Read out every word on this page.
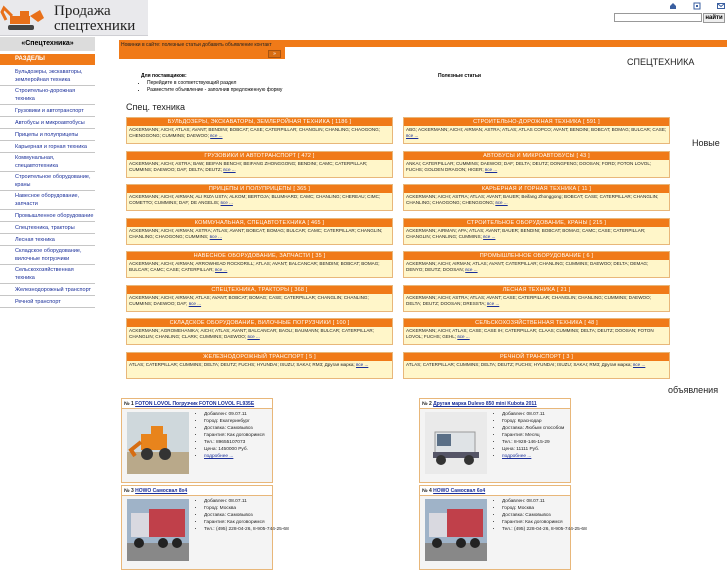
Продажа
спецтехники	найти
«Спецтехника»
РАЗДЕЛЫ
Бульдозеры, экскаваторы, землеройная техника
Строительно-дорожная техника
Грузовики и автотранспорт
Автобусы и микроавтобусы
Прицепы и полуприцепы
Карьерная и горная техника
Коммунальная, спецавтотехника
Строительное оборудование, краны
Навесное оборудование, запчасти
Промышленное оборудование
Спецтехника, тракторы
Лесная техника
Складское оборудование, вилочные погрузчики
Сельскохозяйственная техника
Железнодорожный транспорт
Речной транспорт
Новинки в сайте: полезные статьи добавить объявление контакт
»
СПЕЦТЕХНИКА
Для поставщиков:
• Перейдите в соответствующий раздел
• Разместите объявление - заполнив предложенную форму
Полезные статьи
Спец. техника
Новые
объявления
БУЛЬДОЗЕРЫ, ЭКСКАВАТОРЫ, ЗЕМЛЕРОЙНАЯ ТЕХНИКА [ 1186 ]
ACKERMANN; AICHI; ATLAS; AVANT; BENDINI; BOBCAT; CASE; CATERPILLAR; CHANGLIN; CHANLING; CHAOGONG; CHENGGONG; CUMMINS; DAEWOO; все ...
СТРОИТЕЛЬНО-ДОРОЖНАЯ ТЕХНИКА [ 591 ]
ABG; ACKERMANN; AICHI; AIRMAN; ASTRA; ATLAS; ATLAS COPCO; AVANT; BENDINI; BOBCAT; BOMAG; BULCAR; CASE; все ...
ГРУЗОВИКИ И АВТОТРАНСПОРТ [ 472 ]
ACKERMANN; AICHI; ASTRA; BAW; BEIFAN BENCHI; BEIFANG ZHONGGONG; BENDINI; CAMC; CATERPILLAR; CUMMINS; DAEWOO; DAF; DELTA; DEUTZ; все ...
АВТОБУСЫ И МИКРОАВТОБУСЫ [ 43 ]
ANKAI; CATERPILLAR; CUMMINS; DAEWOO; DAF; DELTA; DEUTZ; DONGFENG; DOOSAN; FORD; FOTON LOVOL; FUCHS; GOLDEN DRAGON; HIGER; все ...
ПРИЦЕПЫ И ПОЛУПРИЦЕПЫ [ 365 ]
ACKERMANN; AICHI; AIRMAN; ALI RIZA USTA; ALKOM; BERTOJA; BLUMHARD; CAMC; CHANLING; CHEREAU; CIMC; COMETTO; CUMMINS; DAF; DE ANGELIS; все ...
КАРЬЕРНАЯ И ГОРНАЯ ТЕХНИКА [ 11 ]
ACKERMANN; AICHI; ASTRA; ATLAS; AVANT; BAUER; Beifang Zhonggong; BOBCAT; CASE; CATERPILLAR; CHANGLIN; CHANLING; CHAOGONG; CHENGGONG; все ...
КОММУНАЛЬНАЯ, СПЕЦАВТОТЕХНИКА [ 465 ]
ACKERMANN; AICHI; AIRMAN; ASTRA; ATLAS; AVANT; BOBCAT; BOMAG; BULCAR; CAMC; CATERPILLAR; CHANGLIN; CHANLING; CHAOGONG; CUMMINS; все ...
СТРОИТЕЛЬНОЕ ОБОРУДОВАНИЕ, КРАНЫ [ 215 ]
ACKERMANN; AIRMAN; APA; ATLAS; AVANT; BAUER; BENDINI; BOBCAT; BOMAG; CAMC; CASE; CATERPILLAR; CHANGLIN; CHANLING; CUMMINS; все ...
НАВЕСНОЕ ОБОРУДОВАНИЕ, ЗАПЧАСТИ [ 35 ]
ACKERMANN; AICHI; AIRMAN; ARROWHEAD ROCKDRILL; ATLAS; AVANT; BALCANCAR; BENDINI; BOBCAT; BOMAG; BULCAR; CAMC; CASE; CATERPILLAR; все ...
ПРОМЫШЛЕННОЕ ОБОРУДОВАНИЕ [ 6 ]
ACKERMANN; AICHI; AIRMAN; ATLAS; AVANT; CATERPILLAR; CHANLING; CUMMINS; DAEWOO; DELTA; DEMAG; DENYO; DEUTZ; DOOSAN; все ...
СПЕЦТЕХНИКА, ТРАКТОРЫ [ 368 ]
ACKERMANN; AICHI; AIRMAN; ATLAS; AVANT; BOBCAT; BOMAG; CASE; CATERPILLAR; CHANGLIN; CHANLING; CUMMINS; DAEWOO; DAF; все ...
ЛЕСНАЯ ТЕХНИКА [ 21 ]
ACKERMANN; AICHI; ASTRA; ATLAS; AVANT; CASE; CATERPILLAR; CHANGLIN; CHANLING; CUMMINS; DAEWOO; DELTA; DEUTZ; DOOSAN; DRESSTA; все ...
СКЛАДСКОЕ ОБОРУДОВАНИЕ, ВИЛОЧНЫЕ ПОГРУЗЧИКИ [ 100 ]
ACKERMANN; AGROMEHANIKA; AICHI; ATLAS; AVANT; BALCANCAR; BAOLI; BAUMANN; BULCAR; CATERPILLAR; CHANGLIN; CHANLING; CLARK; CUMMINS; DAEWOO; все ...
СЕЛЬСКОХОЗЯЙСТВЕННАЯ ТЕХНИКА [ 48 ]
ACKERMANN; AICHI; ATLAS; CASE; CASE IH; CATERPILLAR; CLAAS; CUMMINS; DELTA; DEUTZ; DOOSAN; FOTON LOVOL; FUCHS; GEHL; все ...
ЖЕЛЕЗНОДОРОЖНЫЙ ТРАНСПОРТ [ 5 ]
ATLAS; CATERPILLAR; CUMMINS; DELTA; DEUTZ; FUCHS; HYUNDAI; ISUZU; SAKAI; RM3; Другая марка; все ...
РЕЧНОЙ ТРАНСПОРТ [ 3 ]
ATLAS; CATERPILLAR; CUMMINS; DELTA; DEUTZ; FUCHS; HYUNDAI; ISUZU; SAKAI; RM3; Другая марка; все ...
№ 1 FOTON LOVOL Погрузчик FOTON LOVOL FL935E
• Добавлен: 09.07.11
• Город: Екатеринбург
• Доставка: Самовывоз
• Гарантия: Как договоримся
• Тел.: 89655107073
• Цена: 1450000 Руб.
• подробнее ...
№ 2 Другая марка Dulevo 850 mini Kubota 2011
• Добавлен: 08.07.11
• Город: Краснодар
• Доставка: Любым способом
• Гарантия: Месяц
• Тел.: 8-928-146-15-29
• Цена: 11111 Руб.
• подробнее ...
№ 3 HOWO Самосвал 8x4
• Добавлен: 08.07.11
• Город: Москва
• Доставка: Самовывоз
• Гарантия: Как договоримся
• Тел.: (495) 228-04-26, 8-905-744-25-68
№ 4 HOWO Самосвал 6x4
• Добавлен: 08.07.11
• Город: Москва
• Доставка: Самовывоз
• Гарантия: Как договоримся
• Тел.: (495) 228-04-26, 8-905-744-25-68
